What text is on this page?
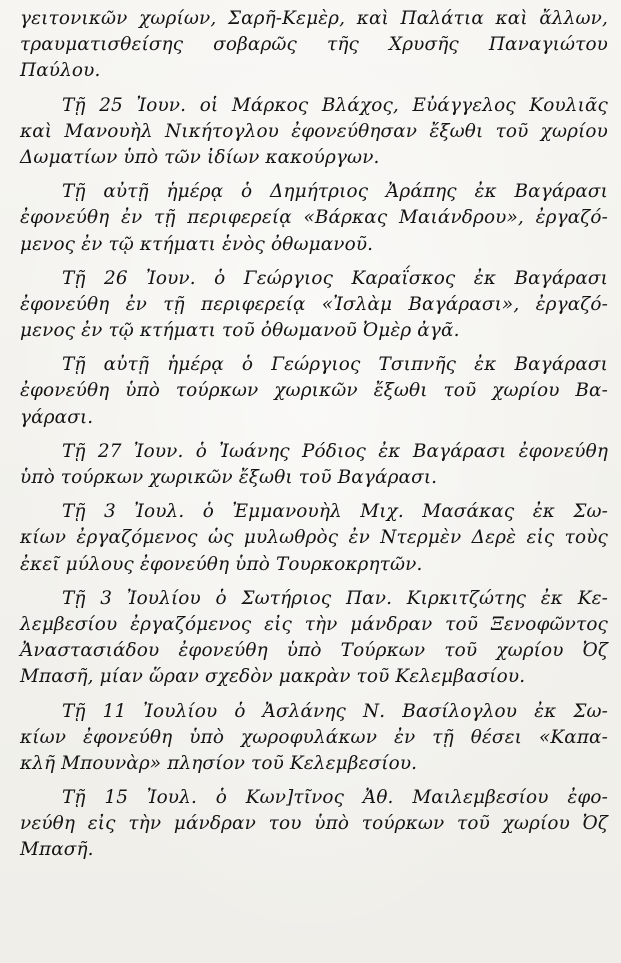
γειτονικῶν χωρίων, Σαρῆ-Κεμὲρ, καὶ Παλάτια καὶ ἄλλων,
τραυματισθείσης σοβαρῶς τῆς Χρυσῆς Παναγιώτου
Παύλου.
Τῇ 25 Ἰουν. οἱ Μάρκος Βλάχος, Εὐάγγελος Κουλιᾶς
καὶ Μανουὴλ Νικήτογλου ἐφονεύθησαν ἔξωθι τοῦ χωρίου
Δωματίων ὑπὸ τῶν ἰδίων κακούργων.
Τῇ αὐτῇ ἡμέρᾳ ὁ Δημήτριος Ἀράπης ἐκ Βαγάρασι
ἐφονεύθη ἐν τῇ περιφερείᾳ «Βάρκας Μαιάνδρου», ἐργαζό-
μενος ἐν τῷ κτήματι ἑνὸς ὀθωμανοῦ.
Τῇ 26 Ἰουν. ὁ Γεώργιος Καραΐσκος ἐκ Βαγάρασι
ἐφονεύθη ἐν τῇ περιφερείᾳ «Ἰσλὰμ Βαγάρασι», ἐργαζό-
μενος ἐν τῷ κτήματι τοῦ ὀθωμανοῦ Ὀμὲρ ἀγᾶ.
Τῇ αὐτῇ ἡμέρᾳ ὁ Γεώργιος Τσιπνῆς ἐκ Βαγάρασι
ἐφονεύθη ὑπὸ τούρκων χωρικῶν ἔξωθι τοῦ χωρίου Βα-
γάρασι.
Τῇ 27 Ἰουν. ὁ Ἰωάνης Ρόδιος ἐκ Βαγάρασι ἐφονεύθη
ὑπὸ τούρκων χωρικῶν ἔξωθι τοῦ Βαγάρασι.
Τῇ 3 Ἰουλ. ὁ Ἐμμανουὴλ Μιχ. Μασάκας ἐκ Σω-
κίων ἐργαζόμενος ὡς μυλωθρὸς ἐν Ντερμὲν Δερὲ εἰς τοὺς
ἐκεῖ μύλους ἐφονεύθη ὑπὸ Τουρκοκρητῶν.
Τῇ 3 Ἰουλίου ὁ Σωτήριος Παν. Κιρκιτζώτης ἐκ Κε-
λεμβεσίου ἐργαζόμενος εἰς τὴν μάνδραν τοῦ Ξενοφῶντος
Ἀναστασιάδου ἐφονεύθη ὑπὸ Τούρκων τοῦ χωρίου Ὀζ
Μπασῆ, μίαν ὥραν σχεδὸν μακρὰν τοῦ Κελεμβασίου.
Τῇ 11 Ἰουλίου ὁ Ἀσλάνης Ν. Βασίλογλου ἐκ Σω-
κίων ἐφονεύθη ὑπὸ χωροφυλάκων ἐν τῇ θέσει «Καπα-
κλῆ Μπουνὰρ» πλησίον τοῦ Κελεμβεσίου.
Τῇ 15 Ἰουλ. ὁ Κων]τῖνος Ἀθ. Μαιλεμβεσίου ἐφο-
νεύθη εἰς τὴν μάνδραν του ὑπὸ τούρκων τοῦ χωρίου Ὀζ
Μπασῆ.
